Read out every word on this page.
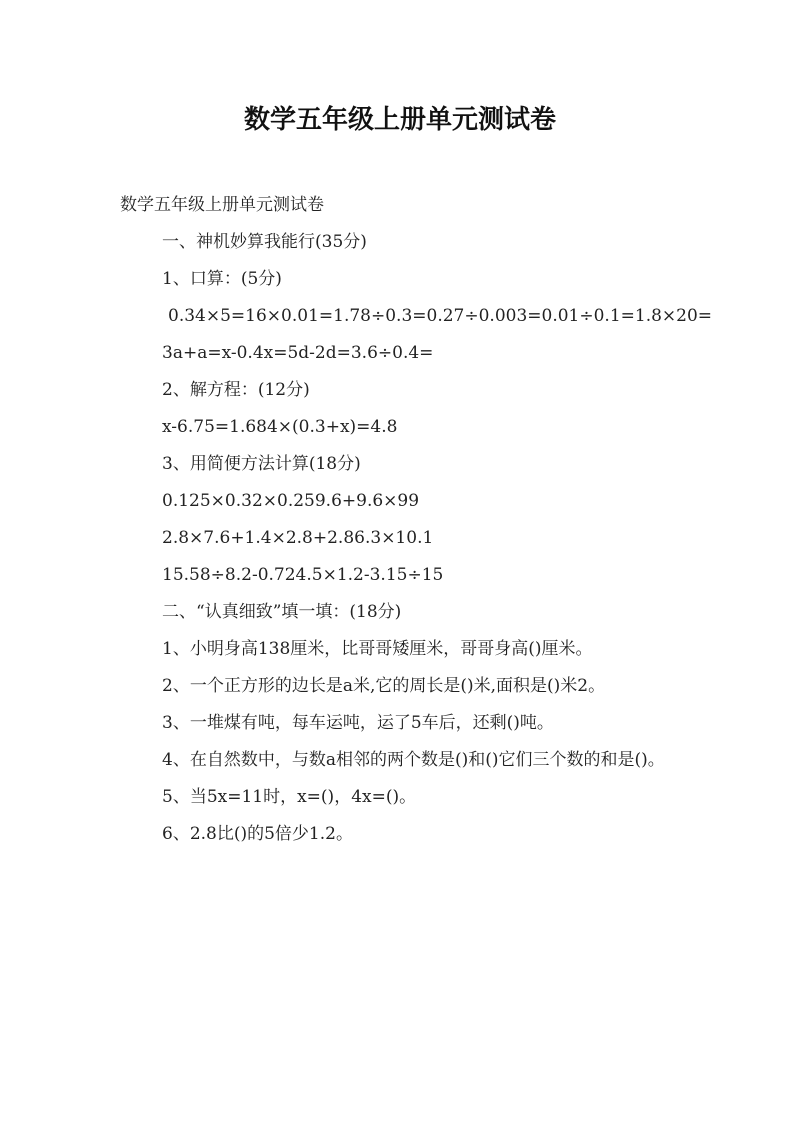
数学五年级上册单元测试卷

数学五年级上册单元测试卷

一、神机妙算我能行(35分)

1、口算：(5分)

0.34×5=16×0.01=1.78÷0.3=0.27÷0.003=0.01÷0.1=1.8×20=

3a+a=x-0.4x=5d-2d=3.6÷0.4=

2、解方程：(12分)

x-6.75=1.684×(0.3+x)=4.8

3、用简便方法计算(18分)

0.125×0.32×0.259.6+9.6×99

2.8×7.6+1.4×2.8+2.86.3×10.1

15.58÷8.2-0.724.5×1.2-3.15÷15

二、“认真细致”填一填：(18分)

1、小明身高138厘米，比哥哥矮厘米，哥哥身高()厘米。

2、一个正方形的边长是a米,它的周长是()米,面积是()米2。

3、一堆煤有吨，每车运吨，运了5车后，还剩()吨。

4、在自然数中，与数a相邻的两个数是()和()它们三个数的和是()。

5、当5x=11时，x=()，4x=()。

6、2.8比()的5倍少1.2。
